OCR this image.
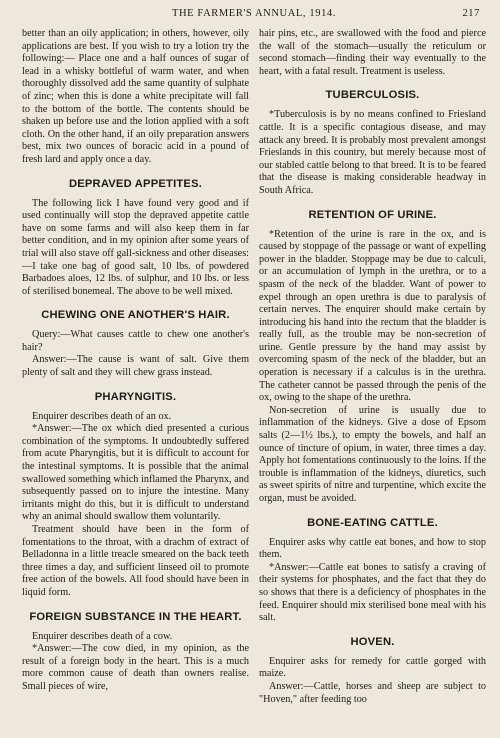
THE FARMER'S ANNUAL, 1914.	217

better than an oily application; in others, however, oily applications are best. If you wish to try a lotion try the following:— Place one and a half ounces of sugar of lead in a whisky bottleful of warm water, and when thoroughly dissolved add the same quantity of sulphate of zinc; when this is done a white precipitate will fall to the bottom of the bottle. The contents should be shaken up before use and the lotion applied with a soft cloth. On the other hand, if an oily preparation answers best, mix two ounces of boracic acid in a pound of fresh lard and apply once a day.

DEPRAVED APPETITES.

The following lick I have found very good and if used continually will stop the depraved appetite cattle have on some farms and will also keep them in far better condition, and in my opinion after some years of trial will also stave off gall-sickness and other diseases:—I take one bag of good salt, 10 lbs. of powdered Barbadoes aloes, 12 lbs. of sulphur, and 10 lbs. or less of sterilised bonemeal. The above to be well mixed.

CHEWING ONE ANOTHER'S HAIR.

Query:—What causes cattle to chew one another's hair?

Answer:—The cause is want of salt. Give them plenty of salt and they will chew grass instead.

PHARYNGITIS.

Enquirer describes death of an ox.

*Answer:—The ox which died presented a curious combination of the symptoms. It undoubtedly suffered from acute Pharyngitis, but it is difficult to account for the intestinal symptoms. It is possible that the animal swallowed something which inflamed the Pharynx, and subsequently passed on to injure the intestine. Many irritants might do this, but it is difficult to understand why an animal should swallow them voluntarily.

Treatment should have been in the form of fomentations to the throat, with a drachm of extract of Belladonna in a little treacle smeared on the back teeth three times a day, and sufficient linseed oil to promote free action of the bowels. All food should have been in liquid form.

FOREIGN SUBSTANCE IN THE HEART.

Enquirer describes death of a cow.

*Answer:—The cow died, in my opinion, as the result of a foreign body in the heart. This is a much more common cause of death than owners realise. Small pieces of wire,

hair pins, etc., are swallowed with the food and pierce the wall of the stomach—usually the reticulum or second stomach—finding their way eventually to the heart, with a fatal result. Treatment is useless.

TUBERCULOSIS.

*Tuberculosis is by no means confined to Friesland cattle. It is a specific contagious disease, and may attack any breed. It is probably most prevalent amongst Frieslands in this country, but merely because most of our stabled cattle belong to that breed. It is to be feared that the disease is making considerable headway in South Africa.

RETENTION OF URINE.

*Retention of the urine is rare in the ox, and is caused by stoppage of the passage or want of expelling power in the bladder. Stoppage may be due to calculi, or an accumulation of lymph in the urethra, or to a spasm of the neck of the bladder. Want of power to expel through an open urethra is due to paralysis of certain nerves. The enquirer should make certain by introducing his hand into the rectum that the bladder is really full, as the trouble may be non-secretion of urine. Gentle pressure by the hand may assist by overcoming spasm of the neck of the bladder, but an operation is necessary if a calculus is in the urethra. The catheter cannot be passed through the penis of the ox, owing to the shape of the urethra.

Non-secretion of urine is usually due to inflammation of the kidneys. Give a dose of Epsom salts (2—1½ lbs.), to empty the bowels, and half an ounce of tincture of opium, in water, three times a day. Apply hot fomentations continuously to the loins. If the trouble is inflammation of the kidneys, diuretics, such as sweet spirits of nitre and turpentine, which excite the organ, must be avoided.

BONE-EATING CATTLE.

Enquirer asks why cattle eat bones, and how to stop them.

*Answer:—Cattle eat bones to satisfy a craving of their systems for phosphates, and the fact that they do so shows that there is a deficiency of phosphates in the feed. Enquirer should mix sterilised bone meal with his salt.

HOVEN.

Enquirer asks for remedy for cattle gorged with maize.

Answer:—Cattle, horses and sheep are subject to "Hoven," after feeding too
